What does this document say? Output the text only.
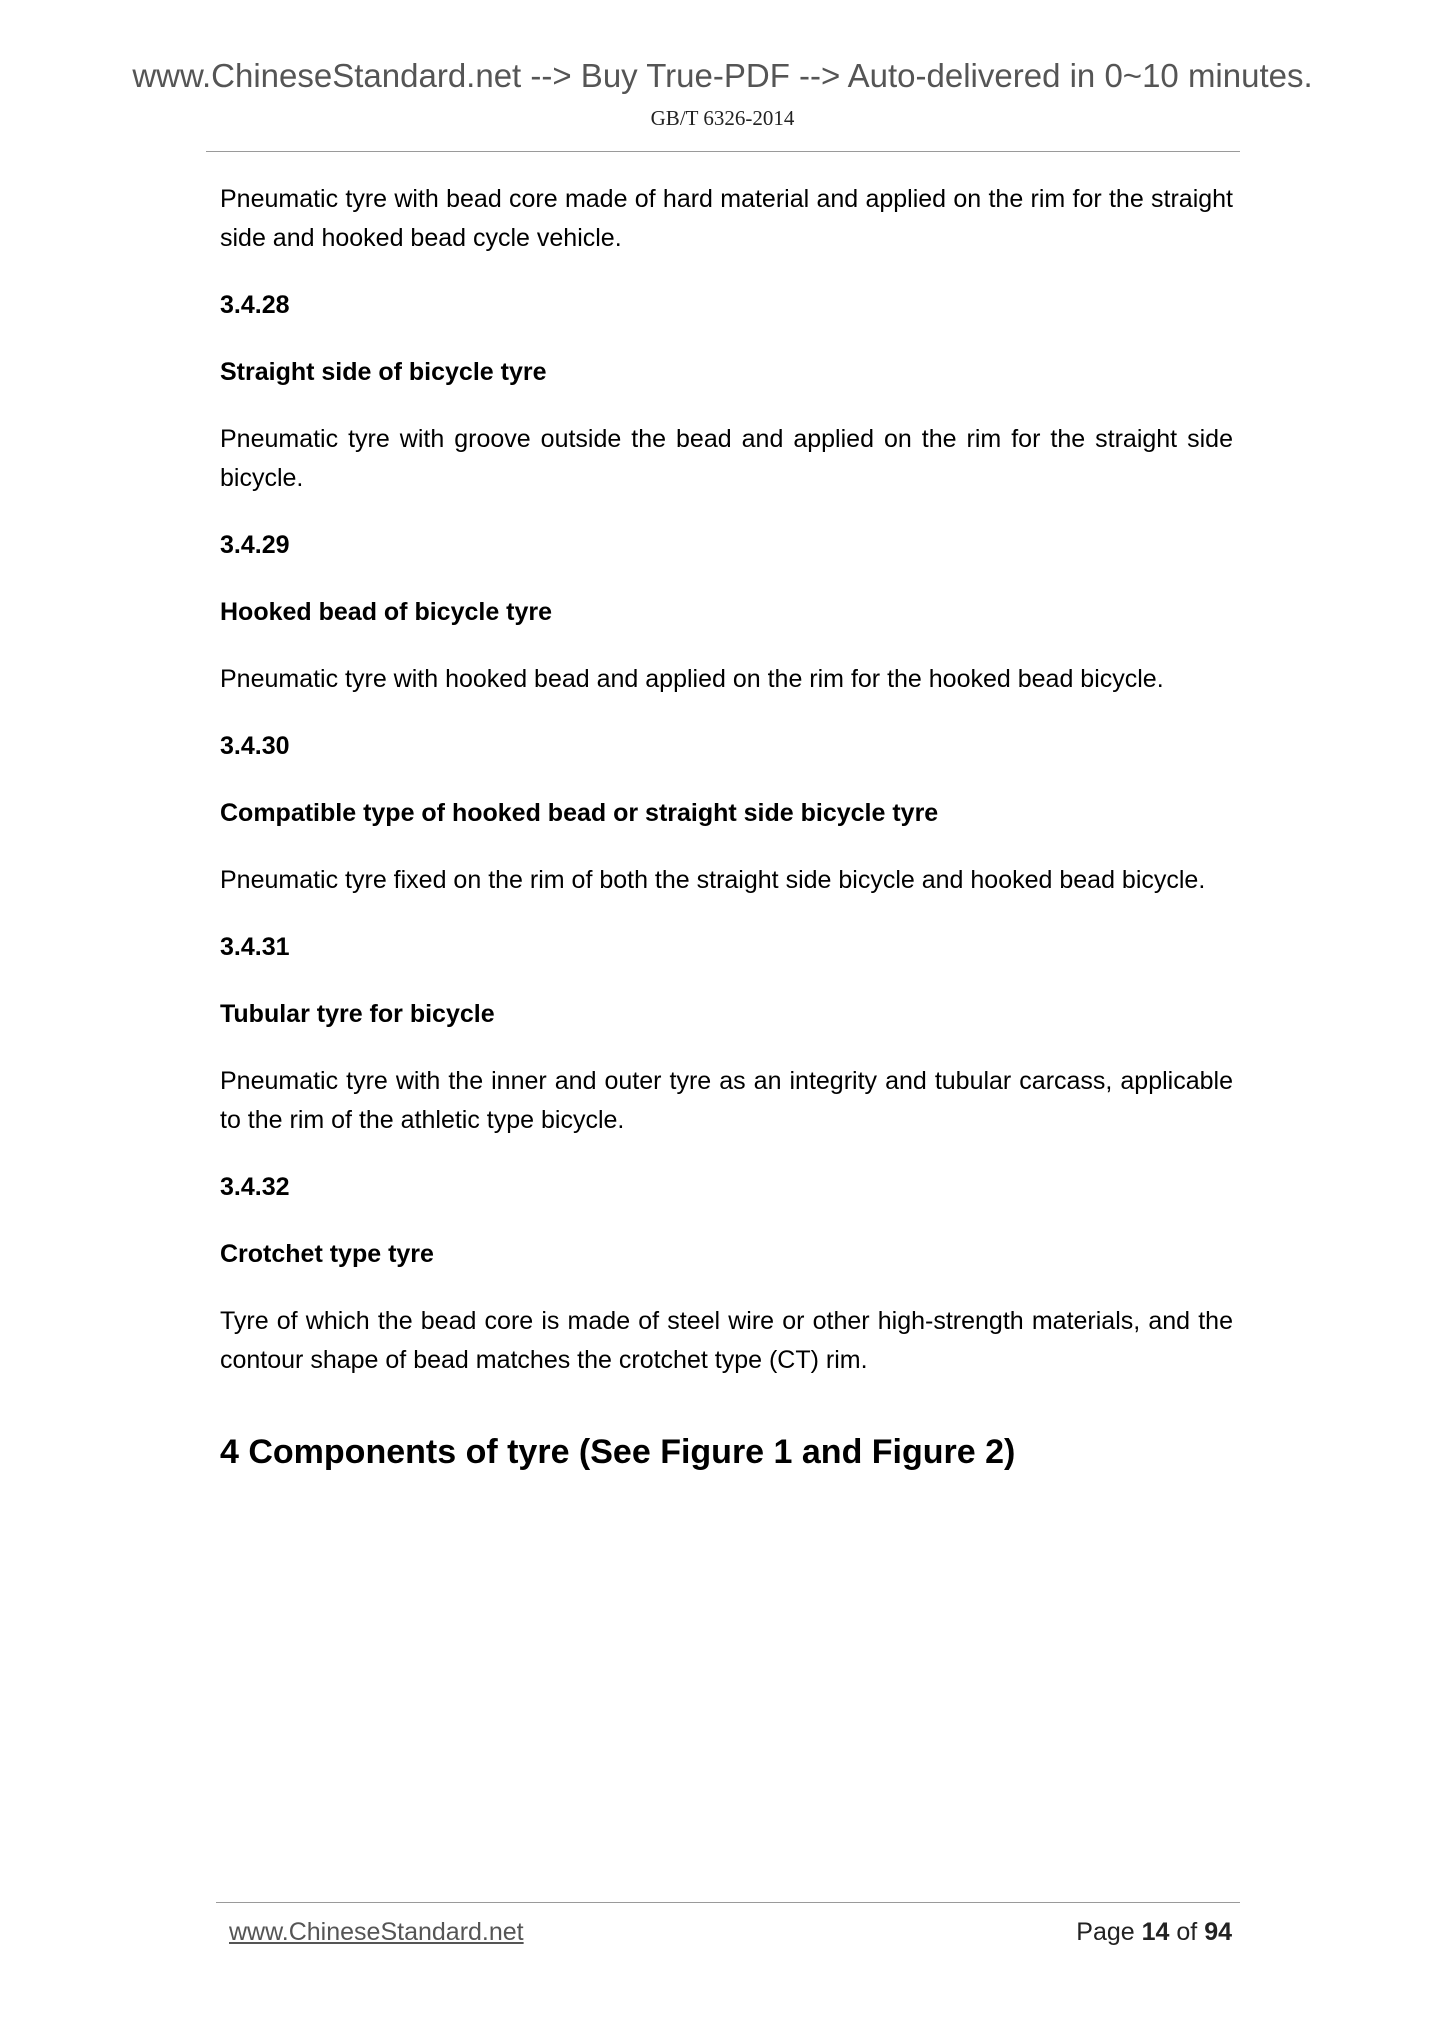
www.ChineseStandard.net --> Buy True-PDF --> Auto-delivered in 0~10 minutes.
GB/T 6326-2014

Pneumatic tyre with bead core made of hard material and applied on the rim for the straight side and hooked bead cycle vehicle.

3.4.28

Straight side of bicycle tyre

Pneumatic tyre with groove outside the bead and applied on the rim for the straight side bicycle.

3.4.29

Hooked bead of bicycle tyre

Pneumatic tyre with hooked bead and applied on the rim for the hooked bead bicycle.

3.4.30

Compatible type of hooked bead or straight side bicycle tyre

Pneumatic tyre fixed on the rim of both the straight side bicycle and hooked bead bicycle.

3.4.31

Tubular tyre for bicycle

Pneumatic tyre with the inner and outer tyre as an integrity and tubular carcass, applicable to the rim of the athletic type bicycle.

3.4.32

Crotchet type tyre

Tyre of which the bead core is made of steel wire or other high-strength materials, and the contour shape of bead matches the crotchet type (CT) rim.

4 Components of tyre (See Figure 1 and Figure 2)
www.ChineseStandard.net	Page 14 of 94
